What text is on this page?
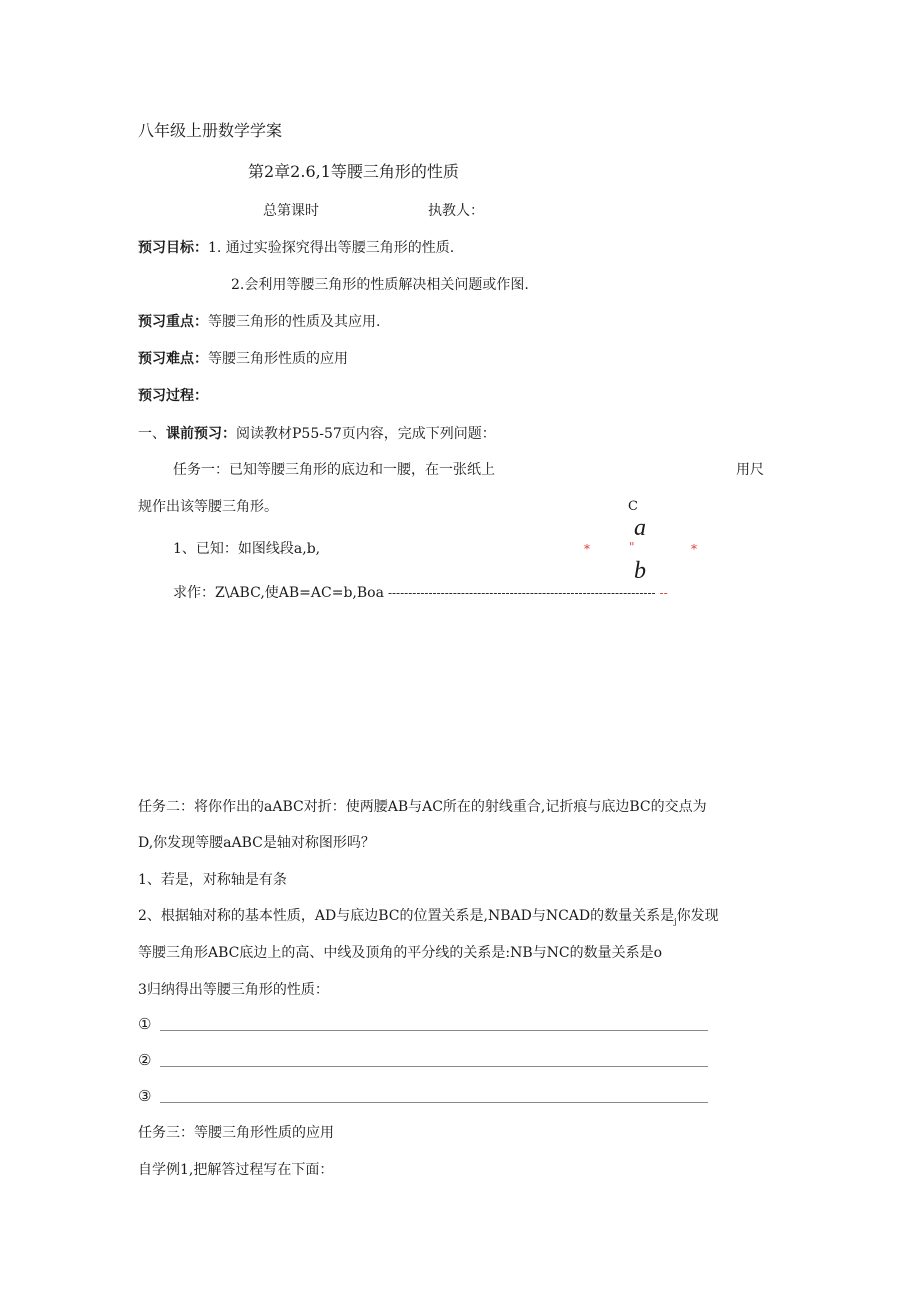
八年级上册数学学案
第2章2.6,1等腰三角形的性质
总第课时	执教人：
预习目标：1. 通过实验探究得出等腰三角形的性质.
2.会利用等腰三角形的性质解决相关问题或作图.
预习重点：等腰三角形的性质及其应用.
预习难点：等腰三角形性质的应用
预习过程：
一、课前预习：阅读教材P55-57页内容，完成下列问题：
任务一：已知等腰三角形的底边和一腰，在一张纸上	用尺
规作出该等腰三角形。	C
a
*	"	*
b
1、已知：如图线段a,b,
求作：Z\ABC,使AB=AC=b,Boa ------------------------------------------------------------------ --
任务二：将你作出的aABC对折：使两腰AB与AC所在的射线重合,记折痕与底边BC的交点为
D,你发现等腰aABC是轴对称图形吗？
1、若是，对称轴是有条
2、根据轴对称的基本性质，AD与底边BC的位置关系是,NBAD与NCAD的数量关系是$_j$你发现
等腰三角形ABC底边上的高、中线及顶角的平分线的关系是:NB与NC的数量关系是o
3归纳得出等腰三角形的性质：
①
②
③
任务三：等腰三角形性质的应用
自学例1,把解答过程写在下面：
